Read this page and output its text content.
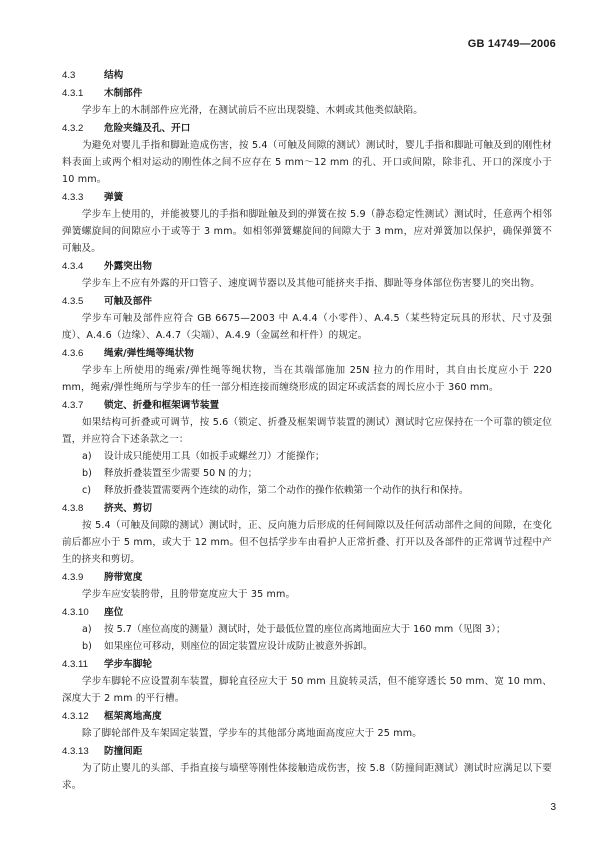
GB 14749—2006
4.3	结构
4.3.1 木制部件
学步车上的木制部件应光滑，在测试前后不应出现裂缝、木刺或其他类似缺陷。
4.3.2 危险夹缝及孔、开口
为避免对婴儿手指和脚趾造成伤害，按 5.4（可触及间隙的测试）测试时，婴儿手指和脚趾可触及到的刚性材料表面上或两个相对运动的刚性体之间不应存在 5 mm～12 mm 的孔、开口或间隙，除非孔、开口的深度小于 10 mm。
4.3.3 弹簧
学步车上使用的，并能被婴儿的手指和脚趾触及到的弹簧在按 5.9（静态稳定性测试）测试时，任意两个相邻弹簧螺旋间的间隙应小于或等于 3 mm。如相邻弹簧螺旋间的间隙大于 3 mm，应对弹簧加以保护，确保弹簧不可触及。
4.3.4 外露突出物
学步车上不应有外露的开口管子、速度调节器以及其他可能挤夹手指、脚趾等身体部位伤害婴儿的突出物。
4.3.5 可触及部件
学步车可触及部件应符合 GB 6675—2003 中 A.4.4（小零件）、A.4.5（某些特定玩具的形状、尺寸及强度）、A.4.6（边缘）、A.4.7（尖端）、A.4.9（金属丝和杆件）的规定。
4.3.6 绳索/弹性绳等绳状物
学步车上所使用的绳索/弹性绳等绳状物，当在其端部施加 25N 拉力的作用时，其自由长度应小于 220 mm，绳索/弹性绳所与学步车的任一部分相连接而缠绕形成的固定环或活套的周长应小于 360 mm。
4.3.7 锁定、折叠和框架调节装置
如果结构可折叠或可调节，按 5.6（锁定、折叠及框架调节装置的测试）测试时它应保持在一个可靠的锁定位置，并应符合下述条款之一：
a) 设计成只能使用工具（如扳手或螺丝刀）才能操作；
b) 释放折叠装置至少需要 50 N 的力；
c) 释放折叠装置需要两个连续的动作，第二个动作的操作依赖第一个动作的执行和保持。
4.3.8 挤夹、剪切
按 5.4（可触及间隙的测试）测试时，正、反向施力后形成的任何间隙以及任何活动部件之间的间隙，在变化前后都应小于 5 mm，或大于 12 mm。但不包括学步车由看护人正常折叠、打开以及各部件的正常调节过程中产生的挤夹和剪切。
4.3.9 胯带宽度
学步车应安装胯带，且胯带宽度应大于 35 mm。
4.3.10 座位
a) 按 5.7（座位高度的测量）测试时，处于最低位置的座位高离地面应大于 160 mm（见图 3）；
b) 如果座位可移动，则座位的固定装置应设计成防止被意外拆卸。
4.3.11 学步车脚轮
学步车脚轮不应设置刹车装置，脚轮直径应大于 50 mm 且旋转灵活，但不能穿透长 50 mm、宽 10 mm、深度大于 2 mm 的平行槽。
4.3.12 框架离地高度
除了脚轮部件及车架固定装置，学步车的其他部分离地面高度应大于 25 mm。
4.3.13 防撞间距
为了防止婴儿的头部、手指直接与墙壁等刚性体接触造成伤害，按 5.8（防撞间距测试）测试时应满足以下要求。
3
